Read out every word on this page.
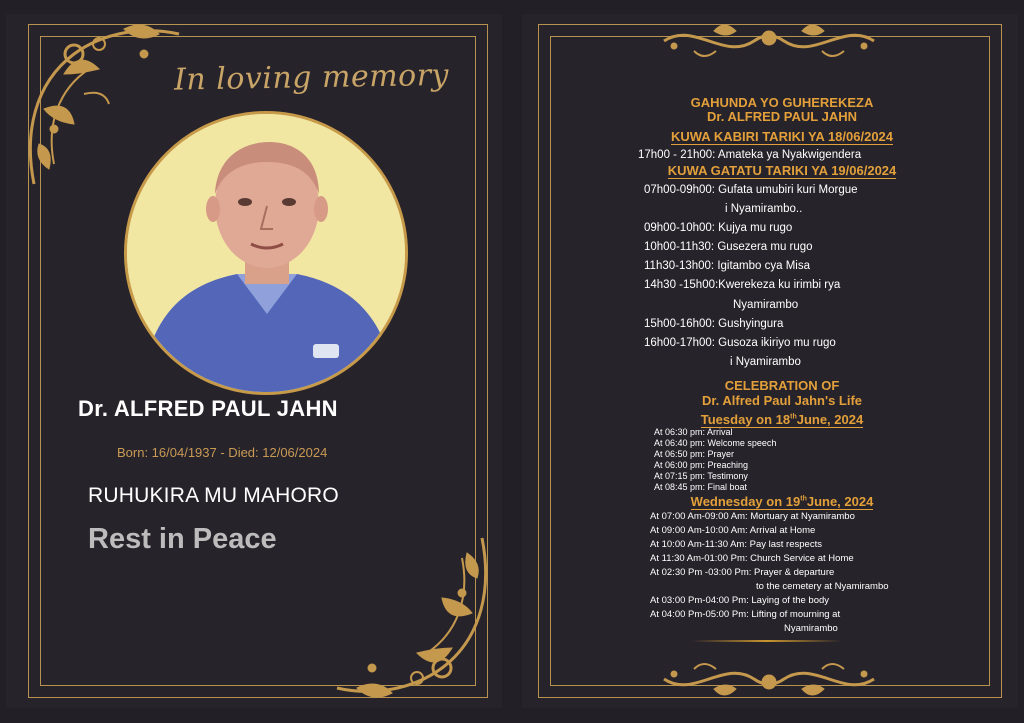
In loving memory
Dr. ALFRED PAUL JAHN
Born: 16/04/1937 - Died: 12/06/2024
RUHUKIRA MU MAHORO
Rest in Peace
GAHUNDA YO GUHEREKEZA
Dr. ALFRED PAUL JAHN
KUWA KABIRI TARIKI YA 18/06/2024
17h00 - 21h00: Amateka ya Nyakwigendera
KUWA GATATU TARIKI YA 19/06/2024
07h00-09h00: Gufata umubiri kuri Morgue
i Nyamirambo..
09h00-10h00: Kujya mu rugo
10h00-11h30: Gusezera mu rugo
11h30-13h00: Igitambo cya Misa
14h30 -15h00:Kwerekeza ku irimbi rya
Nyamirambo
15h00-16h00: Gushyingura
16h00-17h00: Gusoza ikiriyo mu rugo
i Nyamirambo
CELEBRATION OF
Dr. Alfred Paul Jahn's Life
Tuesday on 18thJune, 2024
At 06:30 pm: Arrival
At 06:40 pm: Welcome speech
At 06:50 pm: Prayer
At 06:00 pm: Preaching
At 07:15 pm: Testimony
At 08:45 pm: Final boat
Wednesday on 19thJune, 2024
At 07:00 Am-09:00 Am: Mortuary at Nyamirambo
At 09:00 Am-10:00 Am: Arrival at Home
At 10:00 Am-11:30 Am: Pay last respects
At 11:30 Am-01:00 Pm: Church Service at Home
At 02:30 Pm -03:00 Pm: Prayer & departure
to the cemetery at Nyamirambo
At 03:00 Pm-04:00 Pm: Laying of the body
At 04:00 Pm-05:00 Pm: Lifting of mourning at
Nyamirambo
